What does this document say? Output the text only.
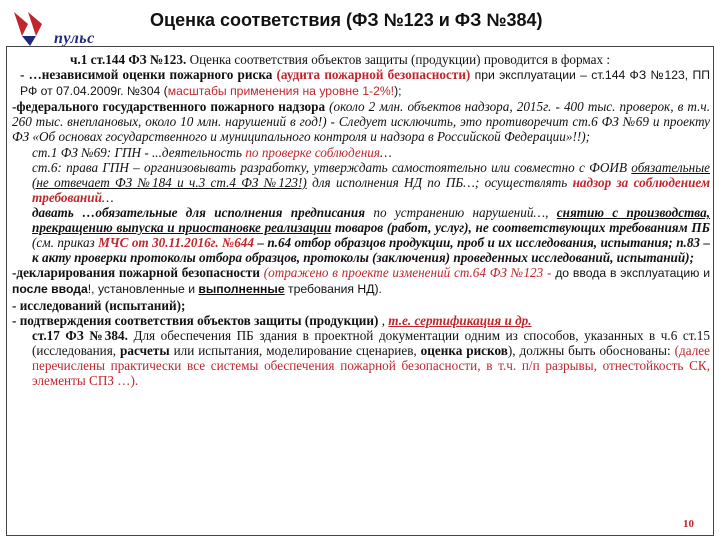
пульс
Оценка соответствия (ФЗ №123 и ФЗ №384)

ч.1 ст.144 ФЗ №123. Оценка соответствия объектов защиты (продукции) проводится в формах :

- …независимой оценки пожарного риска (аудита пожарной безопасности) при эксплуатации – ст.144 ФЗ №123, ПП РФ от 07.04.2009г. №304 (масштабы применения на уровне 1-2%!);

-федерального государственного пожарного надзора (около 2 млн. объектов надзора, 2015г. - 400 тыс. проверок, в т.ч. 260 тыс. внеплановых, около 10 млн. нарушений в год!) - Следует исключить, это противоречит ст.6 ФЗ №69 и проекту ФЗ «Об основах государственного и муниципального контроля и надзора в Российской Федерации»!!);

ст.1 ФЗ №69: ГПН - ...деятельность по проверке соблюдения…

ст.6: права ГПН – организовывать разработку, утверждать самостоятельно или совместно с ФОИВ обязательные (не отвечает ФЗ №184 и ч.3 ст.4 ФЗ №123!) для исполнения НД по ПБ…; осуществлять надзор за соблюдением требований…

давать …обязательные для исполнения предписания по устранению нарушений…, снятию с производства, прекращению выпуска и приостановке реализации товаров (работ, услуг), не соответствующих требованиям ПБ (см. приказ МЧС от 30.11.2016г. №644 – п.64 отбор образцов продукции, проб и их исследования, испытания; п.83 – к акту проверки протоколы отбора образцов, протоколы (заключения) проведенных исследований, испытаний);

-декларирования пожарной безопасности (отражено в проекте изменений ст.64 ФЗ №123 - до ввода в эксплуатацию и после ввода!, установленные и выполненные требования НД).

- исследований (испытаний);

- подтверждения соответствия объектов защиты (продукции) , т.е. сертификация и др.

ст.17 ФЗ №384. Для обеспечения ПБ здания в проектной документации одним из способов, указанных в ч.6 ст.15 (исследования, расчеты или испытания, моделирование сценариев, оценка рисков), должны быть обоснованы: (далее перечислены практически все системы обеспечения пожарной безопасности, в т.ч. п/п разрывы, отнестойкость СК, элементы СПЗ …).

10
